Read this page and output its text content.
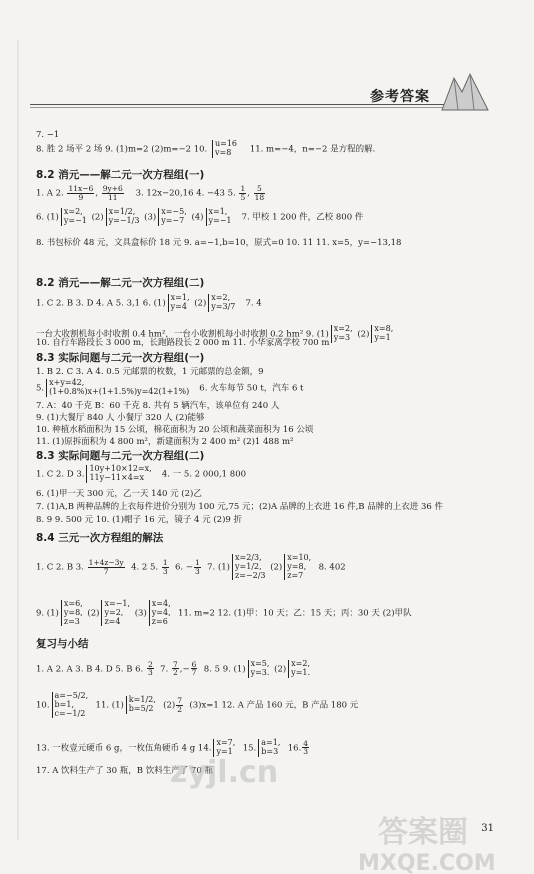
参考答案
7. −1
8. 胜 2 场平 2 场 9. (1)m=2 (2)m=−2 10. u=16
v=8 11. m=−4，n=−2 是方程的解.
8.2 消元——解二元一次方程组(一)
1. A 2. $\frac{11x-6}{9}$ , $\frac{9y+6}{11} 3$. 12x−20,16 4. −43 5. $\frac{1}{5}$ , $\frac{5}{18}$
6. (1)x=2,
y=−1 (2)x=1/2,
y=−1/3 (3)x=−5,
y=−7 (4)x=1,
y=−1 7. 甲校 1 200 件，乙校 800 件
8. 书包标价 48 元，文具盒标价 18 元 9. a=−1,b=10，原式=0 10. 11 11. x=5，y=−13,18
8.2 消元——解二元一次方程组(二)
1. C 2. B 3. D 4. A 5. 3,1 6. (1)x=1,
y=4 (2)x=2,
y=3/7 7. 4
一台大收割机每小时收割 0.4 hm²，一台小收割机每小时收割 0.2 hm² 9. (1)x=2,
y=3 (2)x=8,
y=1
10. 自行车路段长 3 000 m，长跑路段长 2 000 m 11. 小华家离学校 700 m
8.3 实际问题与二元一次方程组(一)
1. B 2. C 3. A 4. 0.5 元邮票的枚数，1 元邮票的总金额，9
5.x+y=42,
(1+0.8%)x+(1+1.5%)y=42(1+1%) 6. 火车每节 50 t，汽车 6 t
7. A：40 千克 B：60 千克 8. 共有 5 辆汽车，该单位有 240 人
9. (1)大餐厅 840 人 小餐厅 320 人 (2)能够
10. 种植水稻面积为 15 公顷，棉花面积为 20 公顷和蔬菜面积为 16 公顷
11. (1)原拆面积为 4 800 m²，新建面积为 2 400 m² (2)1 488 m²
8.3 实际问题与二元一次方程组(二)
1. C 2. D 3.10y+10×12=x,
11y−11×4=x 4. 一 5. 2 000,1 800
6. (1)甲一天 300 元，乙一天 140 元 (2)乙
7. (1)A,B 两种品牌的上衣每件进价分别为 100 元,75 元；(2)A 品牌的上衣进 16 件,B 品牌的上衣进 36 件
8. 9 9. 500 元 10. (1)帽子 16 元，镜子 4 元 (2)9 折
8.4 三元一次方程组的解法
1. C 2. B 3. $\frac{1+4z-3y}{7} 4$. 2 5. $\frac{1}{3} 6$. − $\frac{1}{3} 7$. (1)x=2/3,
y=1/2,
z=−2/3 (2)x=10,
y=8,
z=7  8. 402
9. (1)x=6,
y=8,
z=3 (2)x=−1,
y=2,
z=4 (3)x=4,
y=4,
z=6  11. m=2 12. (1)甲：10 天；乙：15 天；丙：30 天 (2)甲队
复习与小结
1. A 2. A 3. B 4. D 5. B 6. $\frac{2}{3} 7$. $\frac{7}{2}$ ,− $\frac{6}{7} 8$. 5 9. (1)x=5,
y=3. (2)x=2,
y=1.
10.a=−5/2,
b=1,
c=−1/2  11. (1)k=1/2,
b=5/2 $(2) \frac{7}{2} (3)x=1$ 12. A 产品 160 元，B 产品 180 元
13. 一枚壹元硬币 6 g，一枚伍角硬币 4 g 14.x=7,
y=1 15.a=1,
b=3 16. $\frac{4}{3}$
17. A 饮料生产了 30 瓶，B 饮料生产了 70 瓶
zyjl.cn
31
答案圈
MXQE.COM
